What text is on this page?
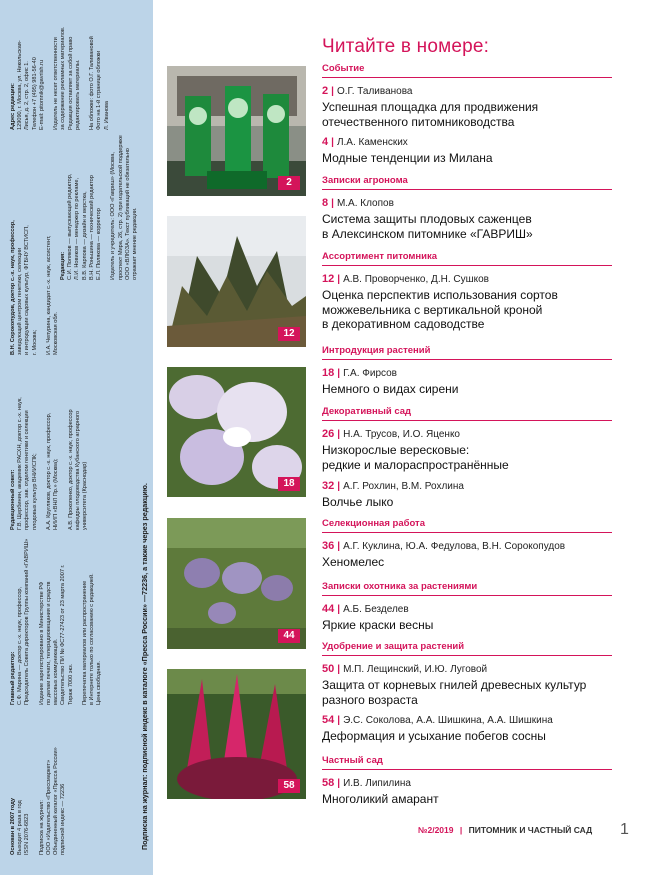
Основан в 2007 году Выходит 4 раза в год ISSN 2076-6823
Подписка на журнал: ООО «Издательство «Прессмаркет» Объединенный каталог «Пресса России» подписной индекс — 72236
Главный редактор: С.Ф. Марина — доктор с.-х. наук, профессор, Председатель Совета директоров Группы компаний «ГАВРИШ»
Издание зарегистрировано в Министерстве РФ по делам печати, телерадиовещания и средств массовых коммуникаций. Свидетельство ПИ № ФС77-27423 от 23 марта 2007 г. Тираж 7000 экз.
Перепечатка материалов или распространение в Интернете только по согласованию с редакцией. Цена свободная.
Редакционный совет: Г.В. Щербинин, академик РАСХН, доктор с.-х. наук, профессор, зав. отделом генетики и селекции плодовых культур ВНИИСПК;
А.А. Кругляков, доктор с.-х. наук, профессор, НИИП «ВНЛ Пр.» (Москва);
А.В. Прокопенко, доктор с.-х. наук, профессор кафедры плодоводства Кубанского аграрного университета (Краснодар)
В.Н. Сорокопудов, доктор с.-х. наук, профессор, заведующий центром генетики, селекции и интродукции садовых культур, ФГБНУ ВСТИСП, г. Москва;
И.А. Чепурина, кандидат с.-х. наук, ассистент, Московская обл.
Редакция: С.И. Поляков — выпускающий редактор, Л.И. Новиков — менеджер по рекламе, В.В. Карпова — дизайн и верстка, В.Н. Роньшина — технический редактор Е.Л. Полякова — корректор
Издатель и учредитель: ООО «Гавриш» (Москва, проспект Мира, 26, стр. 2) при издательской поддержке ООО «ВЛЮЗА». Текст публикаций не обязательно отражает мнение редакции.
Адрес редакции: 129090, г. Москва, ул. Никольская- Лисья, д. 2, стр. 2, офис 1. Телефон +7 (495) 981-56-40 E-mail: pitomnik@gavrish.ru
Издатель не несет ответственности за содержание рекламных материалов. Редакция оставляет за собой право редактировать материалы.
На обложке: фото О.Г. Таливановой Фото на 1-й странице обложки Л. Иванова
Подписка на журнал: подписной индекс в каталоге «Пресса России» —72236, а также через редакцию.
2
12
18
44
58
Читайте в номере:
Событие
2 | О.Г. Таливанова
Успешная площадка для продвижения
отечественного питомниководства
4 | Л.А. Каменских
Модные тенденции из Милана
Записки агронома
8 | М.А. Клопов
Система защиты плодовых саженцев
в Алексинском питомнике «ГАВРИШ»
Ассортимент питомника
12 | А.В. Проворченко, Д.Н. Сушков
Оценка перспектив использования сортов
можжевельника с вертикальной кроной
в декоративном садоводстве
Интродукция растений
18 | Г.А. Фирсов
Немного о видах сирени
Декоративный сад
26 | Н.А. Трусов, И.О. Яценко
Низкорослые вересковые:
редкие и малораспространённые
32 | А.Г. Рохлин, В.М. Рохлина
Волчье лыко
Селекционная работа
36 | А.Г. Куклина, Ю.А. Федулова, В.Н. Сорокопудов
Хеномелес
Записки охотника за растениями
44 | А.Б. Безделев
Яркие краски весны
Удобрение и защита растений
50 | М.П. Лещинский, И.Ю. Луговой
Защита от корневых гнилей древесных культур
разного возраста
54 | Э.С. Соколова, А.А. Шишкина, А.А. Шишкина
Деформация и усыхание побегов сосны
Частный сад
58 | И.В. Липилина
Многоликий амарант
№2/2019 | ПИТОМНИК И ЧАСТНЫЙ САД 1
